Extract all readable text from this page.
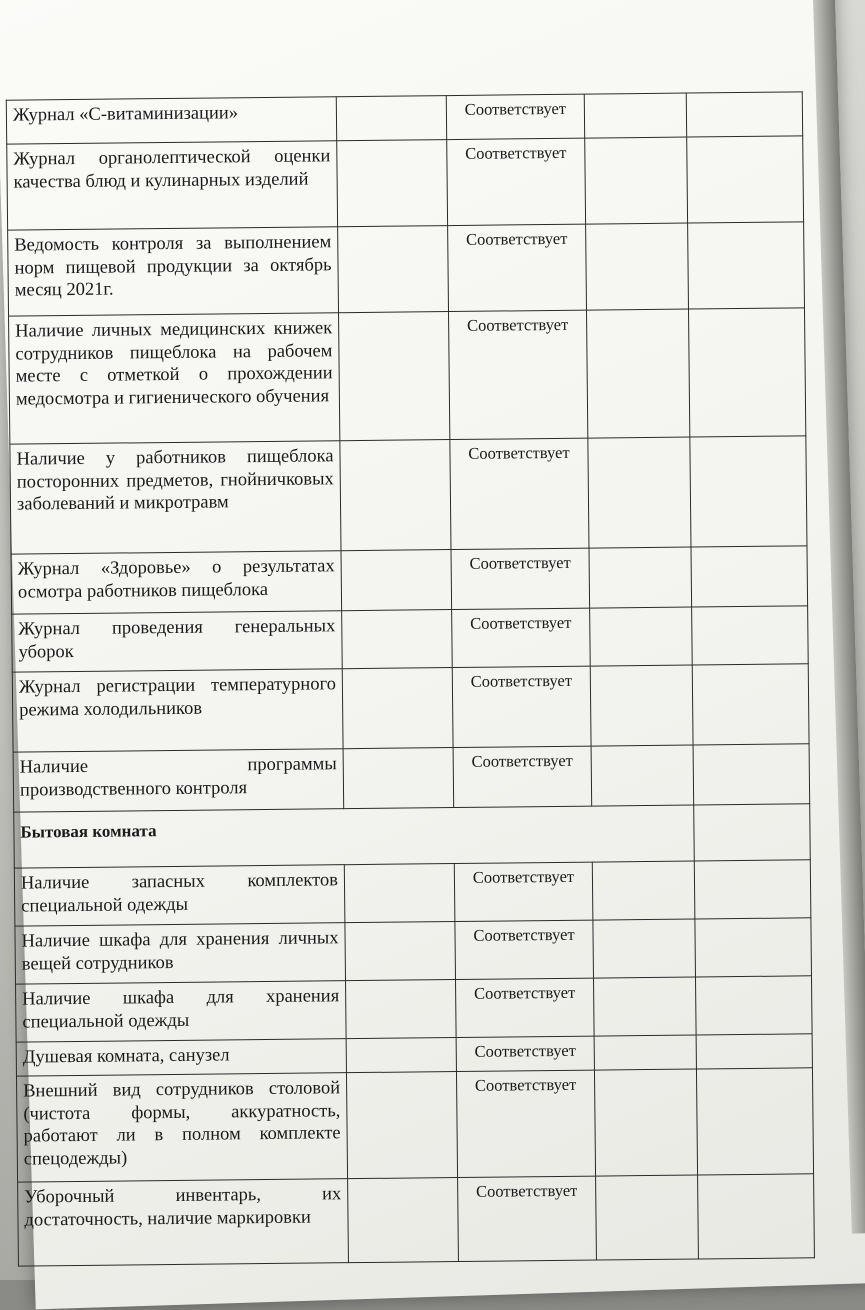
Журнал «С-витаминизации»		Соответствует		
Журнал органолептической оценки качества блюд и кулинарных изделий		Соответствует		
Ведомость контроля за выполнением норм пищевой продукции за октябрь месяц 2021г.		Соответствует		
Наличие личных медицинских книжек сотрудников пищеблока на рабочем месте с отметкой о прохождении медосмотра и гигиенического обучения		Соответствует		
Наличие у работников пищеблока посторонних предметов, гнойничковых заболеваний и микротравм		Соответствует		
Журнал «Здоровье» о результатах осмотра работников пищеблока		Соответствует		
Журнал проведения генеральных уборок		Соответствует		
Журнал регистрации температурного режима холодильников		Соответствует		
Наличие программы производственного контроля		Соответствует		
Бытовая комната				
Наличие запасных комплектов специальной одежды		Соответствует		
Наличие шкафа для хранения личных вещей сотрудников		Соответствует		
Наличие шкафа для хранения специальной одежды		Соответствует		
Душевая комната, санузел		Соответствует		
Внешний вид сотрудников столовой (чистота формы, аккуратность, работают ли в полном комплекте спецодежды)		Соответствует		
Уборочный инвентарь, их достаточность, наличие маркировки		Соответствует		
